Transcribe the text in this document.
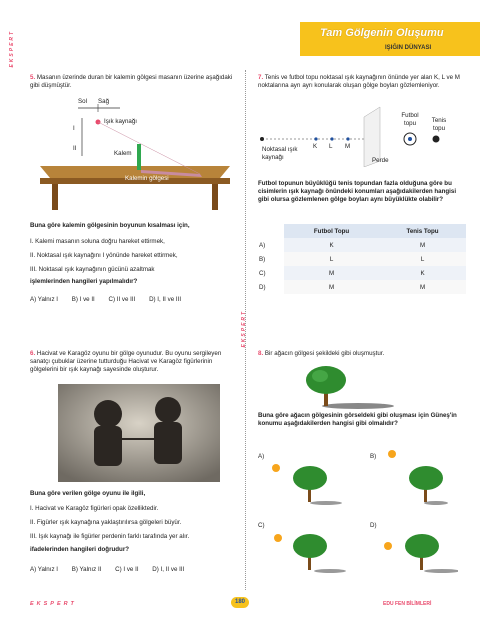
Tam Gölgenin Oluşumu
IŞIĞIN DÜNYASI
EKSPERT
EKSPERT
5. Masanın üzerinde duran bir kalemin gölgesi masanın üzerine aşağıdaki gibi düşmüştür.
Sol Sağ
Işık kaynağı
I
II
Kalem
Kalemin gölgesi
Buna göre kalemin gölgesinin boyunun kısalması için,
I. Kalemi masanın soluna doğru hareket ettirmek,
II. Noktasal ışık kaynağını I yönünde hareket ettirmek,
III. Noktasal ışık kaynağının gücünü azaltmak
işlemlerinden hangileri yapılmalıdır?
A) Yalnız I B) I ve II C) II ve III D) I, II ve III
6. Hacivat ve Karagöz oyunu bir gölge oyunudur. Bu oyunu sergileyen sanatçı çubuklar üzerine tutturduğu Hacivat ve Karagöz figürlerinin gölgelerini bir ışık kaynağı sayesinde oluşturur.
Buna göre verilen gölge oyunu ile ilgili,
I. Hacivat ve Karagöz figürleri opak özelliktedir.
II. Figürler ışık kaynağına yaklaştırılırsa gölgeleri büyür.
III. Işık kaynağı ile figürler perdenin farklı tarafında yer alır.
ifadelerinden hangileri doğrudur?
A) Yalnız I B) Yalnız II C) I ve II D) I, II ve III
7. Tenis ve futbol topu noktasal ışık kaynağının önünde yer alan K, L ve M noktalarına ayrı ayrı konularak oluşan gölge boyları gözlemleniyor.
Futbol topu	Tenis topu
Noktasal ışık kaynağı
K L M
Perde
Futbol topunun büyüklüğü tenis topundan fazla olduğuna göre bu cisimlerin ışık kaynağı önündeki konumları aşağıdakilerden hangisi gibi olursa gözlemlenen gölge boyları aynı büyüklükte olabilir?
	Futbol Topu	Tenis Topu
A)	K	M
B)	L	L
C)	M	K
D)	M	M
8. Bir ağacın gölgesi şekildeki gibi oluşmuştur.
Buna göre ağacın gölgesinin görseldeki gibi oluşması için Güneş'in konumu aşağıdakilerden hangisi gibi olmalıdır?
A)	B)
C)	D)
EKSPERT	180	EDU FEN BİLİMLERİ
